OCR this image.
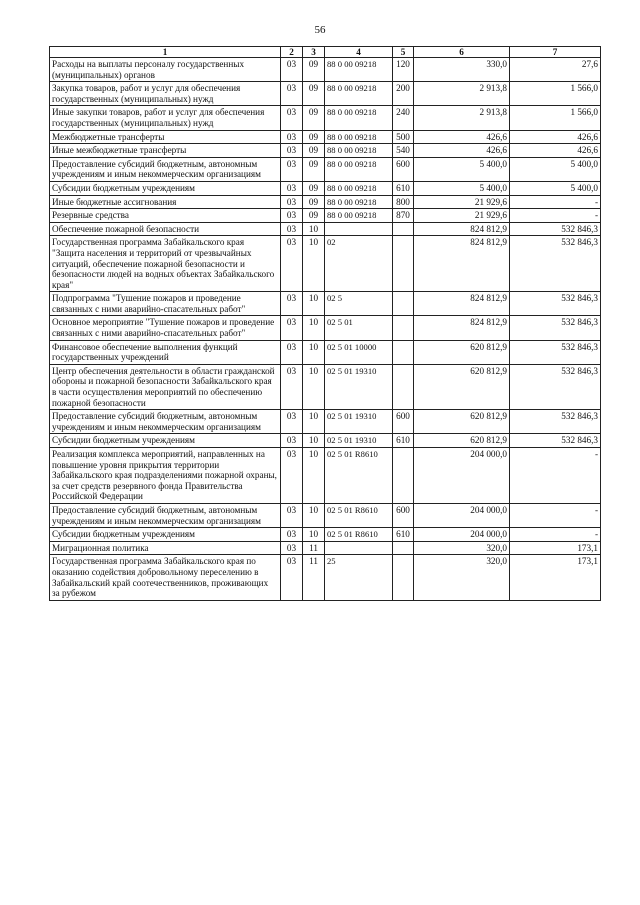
56
1	2	3	4	5	6	7
Расходы на выплаты персоналу государственных (муниципальных) органов	03	09	88 0 00 09218	120	330,0	27,6
Закупка товаров, работ и услуг для обеспечения государственных (муниципальных) нужд	03	09	88 0 00 09218	200	2 913,8	1 566,0
Иные закупки товаров, работ и услуг для обеспечения государственных (муниципальных) нужд	03	09	88 0 00 09218	240	2 913,8	1 566,0
Межбюджетные трансферты	03	09	88 0 00 09218	500	426,6	426,6
Иные межбюджетные трансферты	03	09	88 0 00 09218	540	426,6	426,6
Предоставление субсидий бюджетным, автономным учреждениям и иным некоммерческим организациям	03	09	88 0 00 09218	600	5 400,0	5 400,0
Субсидии бюджетным учреждениям	03	09	88 0 00 09218	610	5 400,0	5 400,0
Иные бюджетные ассигнования	03	09	88 0 00 09218	800	21 929,6	-
Резервные средства	03	09	88 0 00 09218	870	21 929,6	-
Обеспечение пожарной безопасности	03	10			824 812,9	532 846,3
Государственная программа Забайкальского края "Защита населения и территорий от чрезвычайных ситуаций, обеспечение пожарной безопасности и безопасности людей на водных объектах Забайкальского края"	03	10	02		824 812,9	532 846,3
Подпрограмма "Тушение пожаров и проведение связанных с ними аварийно-спасательных работ"	03	10	02 5		824 812,9	532 846,3
Основное мероприятие "Тушение пожаров и проведение связанных с ними аварийно-спасательных работ"	03	10	02 5 01		824 812,9	532 846,3
Финансовое обеспечение выполнения функций государственных учреждений	03	10	02 5 01 10000		620 812,9	532 846,3
Центр обеспечения деятельности в области гражданской обороны и пожарной безопасности Забайкальского края в части осуществления мероприятий по обеспечению пожарной безопасности	03	10	02 5 01 19310		620 812,9	532 846,3
Предоставление субсидий бюджетным, автономным учреждениям и иным некоммерческим организациям	03	10	02 5 01 19310	600	620 812,9	532 846,3
Субсидии бюджетным учреждениям	03	10	02 5 01 19310	610	620 812,9	532 846,3
Реализация комплекса мероприятий, направленных на повышение уровня прикрытия территории Забайкальского края подразделениями пожарной охраны, за счет средств резервного фонда Правительства Российской Федерации	03	10	02 5 01 R8610		204 000,0	-
Предоставление субсидий бюджетным, автономным учреждениям и иным некоммерческим организациям	03	10	02 5 01 R8610	600	204 000,0	-
Субсидии бюджетным учреждениям	03	10	02 5 01 R8610	610	204 000,0	-
Миграционная политика	03	11			320,0	173,1
Государственная программа Забайкальского края по оказанию содействия добровольному переселению в Забайкальский край соотечественников, проживающих за рубежом	03	11	25		320,0	173,1
